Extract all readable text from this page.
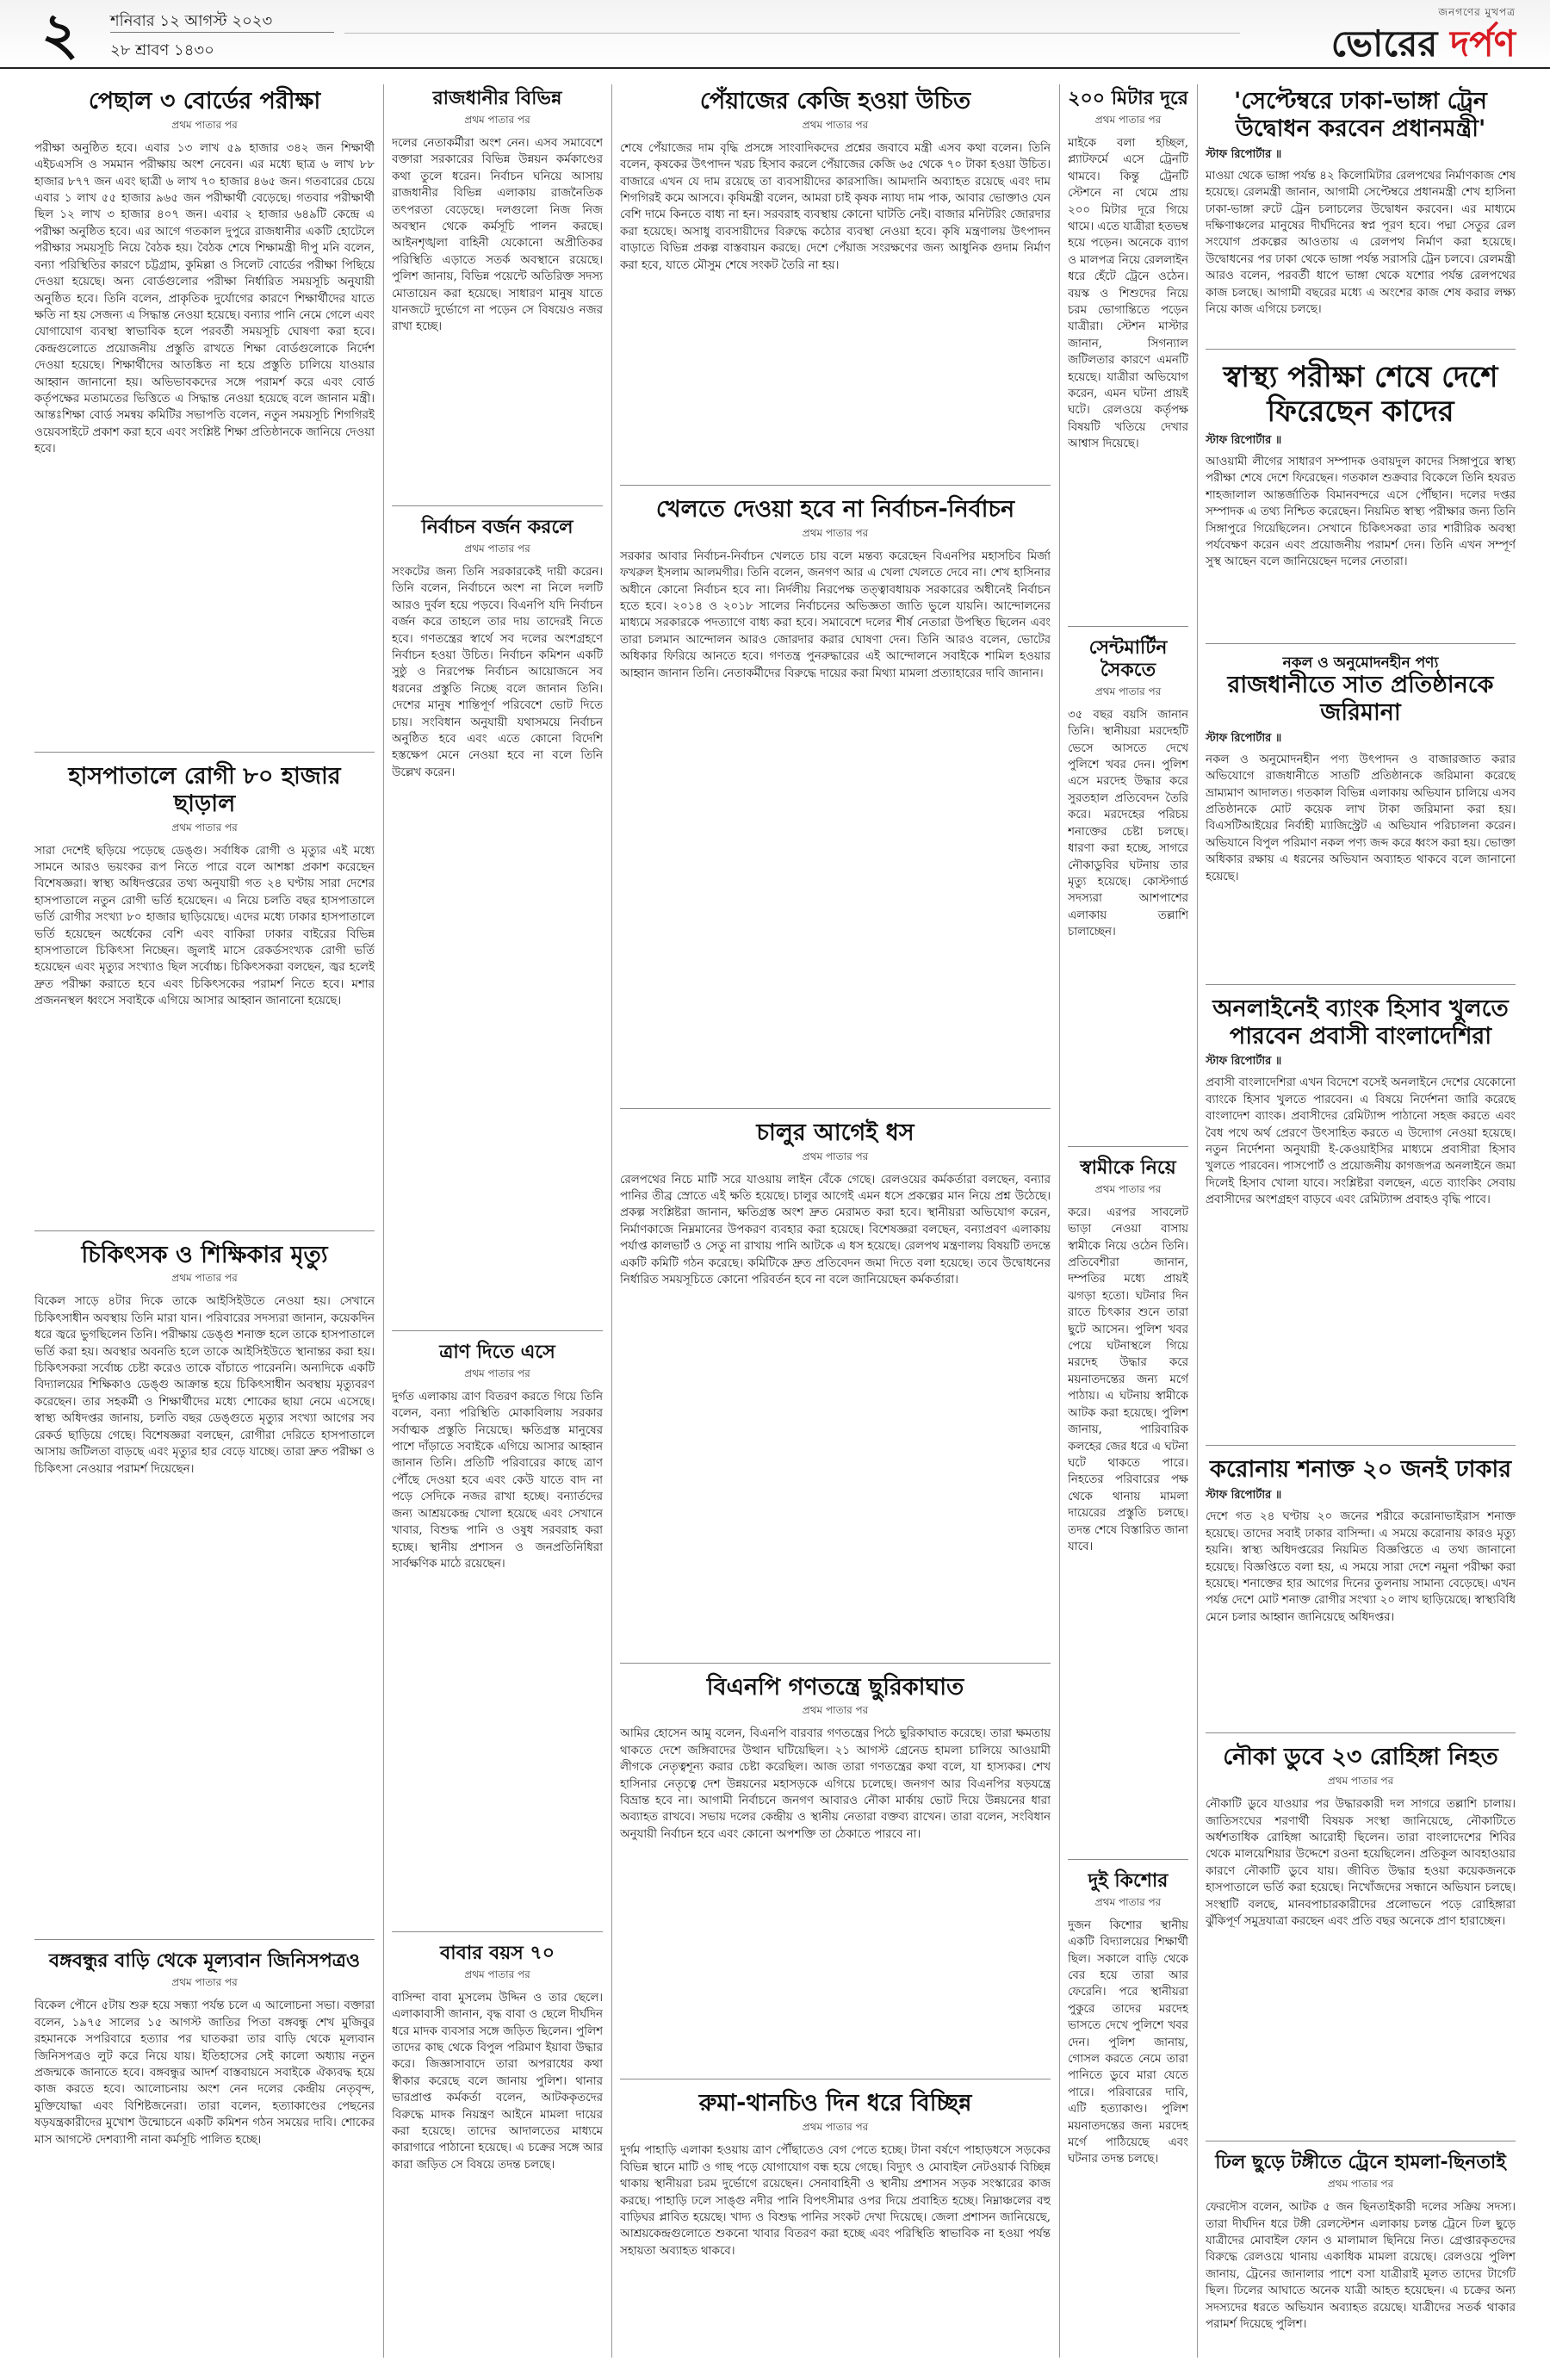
২ শনিবার ১২ আগস্ট ২০২৩
২৮ শ্রাবণ ১৪৩০
জনগণের মুখপত্র
ভোরের দর্পণ
পেছাল ৩ বোর্ডের পরীক্ষা
প্রথম পাতার পর
পরীক্ষা অনুষ্ঠিত হবে। এবার ১৩ লাখ ৫৯ হাজার ৩৪২ জন শিক্ষার্থী এইচএসসি ও সমমান পরীক্ষায় অংশ নেবেন। এর মধ্যে ছাত্র ৬ লাখ ৮৮ হাজার ৮৭৭ জন এবং ছাত্রী ৬ লাখ ৭০ হাজার ৪৬৫ জন। গতবারের চেয়ে এবার ১ লাখ ৫৫ হাজার ৯৬৫ জন পরীক্ষার্থী বেড়েছে। গতবার পরীক্ষার্থী ছিল ১২ লাখ ৩ হাজার ৪০৭ জন। এবার ২ হাজার ৬৪৯টি কেন্দ্রে এ পরীক্ষা অনুষ্ঠিত হবে। এর আগে গতকাল দুপুরে রাজধানীর একটি হোটেলে পরীক্ষার সময়সূচি নিয়ে বৈঠক হয়। বৈঠক শেষে শিক্ষামন্ত্রী দীপু মনি বলেন, বন্যা পরিস্থিতির কারণে চট্টগ্রাম, কুমিল্লা ও সিলেট বোর্ডের পরীক্ষা পিছিয়ে দেওয়া হয়েছে। অন্য বোর্ডগুলোর পরীক্ষা নির্ধারিত সময়সূচি অনুযায়ী অনুষ্ঠিত হবে। তিনি বলেন, প্রাকৃতিক দুর্যোগের কারণে শিক্ষার্থীদের যাতে ক্ষতি না হয় সেজন্য এ সিদ্ধান্ত নেওয়া হয়েছে। বন্যার পানি নেমে গেলে এবং যোগাযোগ ব্যবস্থা স্বাভাবিক হলে পরবর্তী সময়সূচি ঘোষণা করা হবে। কেন্দ্রগুলোতে প্রয়োজনীয় প্রস্তুতি রাখতে শিক্ষা বোর্ডগুলোকে নির্দেশ দেওয়া হয়েছে। শিক্ষার্থীদের আতঙ্কিত না হয়ে প্রস্তুতি চালিয়ে যাওয়ার আহ্বান জানানো হয়। অভিভাবকদের সঙ্গে পরামর্শ করে এবং বোর্ড কর্তৃপক্ষের মতামতের ভিত্তিতে এ সিদ্ধান্ত নেওয়া হয়েছে বলে জানান মন্ত্রী। আন্তঃশিক্ষা বোর্ড সমন্বয় কমিটির সভাপতি বলেন, নতুন সময়সূচি শিগগিরই ওয়েবসাইটে প্রকাশ করা হবে এবং সংশ্লিষ্ট শিক্ষা প্রতিষ্ঠানকে জানিয়ে দেওয়া হবে।
হাসপাতালে রোগী ৮০ হাজার ছাড়াল
প্রথম পাতার পর
সারা দেশেই ছড়িয়ে পড়েছে ডেঙ্গু। সর্বাধিক রোগী ও মৃত্যুর এই মধ্যে সামনে আরও ভয়ংকর রূপ নিতে পারে বলে আশঙ্কা প্রকাশ করেছেন বিশেষজ্ঞরা। স্বাস্থ্য অধিদপ্তরের তথ্য অনুযায়ী গত ২৪ ঘণ্টায় সারা দেশের হাসপাতালে নতুন রোগী ভর্তি হয়েছেন। এ নিয়ে চলতি বছর হাসপাতালে ভর্তি রোগীর সংখ্যা ৮০ হাজার ছাড়িয়েছে। এদের মধ্যে ঢাকার হাসপাতালে ভর্তি হয়েছেন অর্ধেকের বেশি এবং বাকিরা ঢাকার বাইরের বিভিন্ন হাসপাতালে চিকিৎসা নিচ্ছেন। জুলাই মাসে রেকর্ডসংখ্যক রোগী ভর্তি হয়েছেন এবং মৃত্যুর সংখ্যাও ছিল সর্বোচ্চ। চিকিৎসকরা বলছেন, জ্বর হলেই দ্রুত পরীক্ষা করাতে হবে এবং চিকিৎসকের পরামর্শ নিতে হবে। মশার প্রজননস্থল ধ্বংসে সবাইকে এগিয়ে আসার আহ্বান জানানো হয়েছে।
চিকিৎসক ও শিক্ষিকার মৃত্যু
প্রথম পাতার পর
বিকেল সাড়ে ৪টার দিকে তাকে আইসিইউতে নেওয়া হয়। সেখানে চিকিৎসাধীন অবস্থায় তিনি মারা যান। পরিবারের সদস্যরা জানান, কয়েকদিন ধরে জ্বরে ভুগছিলেন তিনি। পরীক্ষায় ডেঙ্গু শনাক্ত হলে তাকে হাসপাতালে ভর্তি করা হয়। অবস্থার অবনতি হলে তাকে আইসিইউতে স্থানান্তর করা হয়। চিকিৎসকরা সর্বোচ্চ চেষ্টা করেও তাকে বাঁচাতে পারেননি। অন্যদিকে একটি বিদ্যালয়ের শিক্ষিকাও ডেঙ্গু আক্রান্ত হয়ে চিকিৎসাধীন অবস্থায় মৃত্যুবরণ করেছেন। তার সহকর্মী ও শিক্ষার্থীদের মধ্যে শোকের ছায়া নেমে এসেছে। স্বাস্থ্য অধিদপ্তর জানায়, চলতি বছর ডেঙ্গুতে মৃত্যুর সংখ্যা আগের সব রেকর্ড ছাড়িয়ে গেছে। বিশেষজ্ঞরা বলছেন, রোগীরা দেরিতে হাসপাতালে আসায় জটিলতা বাড়ছে এবং মৃত্যুর হার বেড়ে যাচ্ছে। তারা দ্রুত পরীক্ষা ও চিকিৎসা নেওয়ার পরামর্শ দিয়েছেন।
বঙ্গবন্ধুর বাড়ি থেকে মূল্যবান জিনিসপত্রও
প্রথম পাতার পর
বিকেল পৌনে ৫টায় শুরু হয়ে সন্ধ্যা পর্যন্ত চলে এ আলোচনা সভা। বক্তারা বলেন, ১৯৭৫ সালের ১৫ আগস্ট জাতির পিতা বঙ্গবন্ধু শেখ মুজিবুর রহমানকে সপরিবারে হত্যার পর ঘাতকরা তার বাড়ি থেকে মূল্যবান জিনিসপত্রও লুট করে নিয়ে যায়। ইতিহাসের সেই কালো অধ্যায় নতুন প্রজন্মকে জানাতে হবে। বঙ্গবন্ধুর আদর্শ বাস্তবায়নে সবাইকে ঐক্যবদ্ধ হয়ে কাজ করতে হবে। আলোচনায় অংশ নেন দলের কেন্দ্রীয় নেতৃবৃন্দ, মুক্তিযোদ্ধা এবং বিশিষ্টজনেরা। তারা বলেন, হত্যাকাণ্ডের পেছনের ষড়যন্ত্রকারীদের মুখোশ উন্মোচনে একটি কমিশন গঠন সময়ের দাবি। শোকের মাস আগস্টে দেশব্যাপী নানা কর্মসূচি পালিত হচ্ছে।
রাজধানীর বিভিন্ন
প্রথম পাতার পর
দলের নেতাকর্মীরা অংশ নেন। এসব সমাবেশে বক্তারা সরকারের বিভিন্ন উন্নয়ন কর্মকাণ্ডের কথা তুলে ধরেন। নির্বাচন ঘনিয়ে আসায় রাজধানীর বিভিন্ন এলাকায় রাজনৈতিক তৎপরতা বেড়েছে। দলগুলো নিজ নিজ অবস্থান থেকে কর্মসূচি পালন করছে। আইনশৃঙ্খলা বাহিনী যেকোনো অপ্রীতিকর পরিস্থিতি এড়াতে সতর্ক অবস্থানে রয়েছে। পুলিশ জানায়, বিভিন্ন পয়েন্টে অতিরিক্ত সদস্য মোতায়েন করা হয়েছে। সাধারণ মানুষ যাতে যানজটে দুর্ভোগে না পড়েন সে বিষয়েও নজর রাখা হচ্ছে।
নির্বাচন বর্জন করলে
প্রথম পাতার পর
সংকটের জন্য তিনি সরকারকেই দায়ী করেন। তিনি বলেন, নির্বাচনে অংশ না নিলে দলটি আরও দুর্বল হয়ে পড়বে। বিএনপি যদি নির্বাচন বর্জন করে তাহলে তার দায় তাদেরই নিতে হবে। গণতন্ত্রের স্বার্থে সব দলের অংশগ্রহণে নির্বাচন হওয়া উচিত। নির্বাচন কমিশন একটি সুষ্ঠু ও নিরপেক্ষ নির্বাচন আয়োজনে সব ধরনের প্রস্তুতি নিচ্ছে বলে জানান তিনি। দেশের মানুষ শান্তিপূর্ণ পরিবেশে ভোট দিতে চায়। সংবিধান অনুযায়ী যথাসময়ে নির্বাচন অনুষ্ঠিত হবে এবং এতে কোনো বিদেশি হস্তক্ষেপ মেনে নেওয়া হবে না বলে তিনি উল্লেখ করেন।
ত্রাণ দিতে এসে
প্রথম পাতার পর
দুর্গত এলাকায় ত্রাণ বিতরণ করতে গিয়ে তিনি বলেন, বন্যা পরিস্থিতি মোকাবিলায় সরকার সর্বাত্মক প্রস্তুতি নিয়েছে। ক্ষতিগ্রস্ত মানুষের পাশে দাঁড়াতে সবাইকে এগিয়ে আসার আহ্বান জানান তিনি। প্রতিটি পরিবারের কাছে ত্রাণ পৌঁছে দেওয়া হবে এবং কেউ যাতে বাদ না পড়ে সেদিকে নজর রাখা হচ্ছে। বন্যার্তদের জন্য আশ্রয়কেন্দ্র খোলা হয়েছে এবং সেখানে খাবার, বিশুদ্ধ পানি ও ওষুধ সরবরাহ করা হচ্ছে। স্থানীয় প্রশাসন ও জনপ্রতিনিধিরা সার্বক্ষণিক মাঠে রয়েছেন।
বাবার বয়স ৭০
প্রথম পাতার পর
বাসিন্দা বাবা মুসলেম উদ্দিন ও তার ছেলে। এলাকাবাসী জানান, বৃদ্ধ বাবা ও ছেলে দীর্ঘদিন ধরে মাদক ব্যবসার সঙ্গে জড়িত ছিলেন। পুলিশ তাদের কাছ থেকে বিপুল পরিমাণ ইয়াবা উদ্ধার করে। জিজ্ঞাসাবাদে তারা অপরাধের কথা স্বীকার করেছে বলে জানায় পুলিশ। থানার ভারপ্রাপ্ত কর্মকর্তা বলেন, আটককৃতদের বিরুদ্ধে মাদক নিয়ন্ত্রণ আইনে মামলা দায়ের করা হয়েছে। তাদের আদালতের মাধ্যমে কারাগারে পাঠানো হয়েছে। এ চক্রের সঙ্গে আর কারা জড়িত সে বিষয়ে তদন্ত চলছে।
পেঁয়াজের কেজি হওয়া উচিত
প্রথম পাতার পর
শেষে পেঁয়াজের দাম বৃদ্ধি প্রসঙ্গে সাংবাদিকদের প্রশ্নের জবাবে মন্ত্রী এসব কথা বলেন। তিনি বলেন, কৃষকের উৎপাদন খরচ হিসাব করলে পেঁয়াজের কেজি ৬৫ থেকে ৭০ টাকা হওয়া উচিত। বাজারে এখন যে দাম রয়েছে তা ব্যবসায়ীদের কারসাজি। আমদানি অব্যাহত রয়েছে এবং দাম শিগগিরই কমে আসবে। কৃষিমন্ত্রী বলেন, আমরা চাই কৃষক ন্যায্য দাম পাক, আবার ভোক্তাও যেন বেশি দামে কিনতে বাধ্য না হন। সরবরাহ ব্যবস্থায় কোনো ঘাটতি নেই। বাজার মনিটরিং জোরদার করা হয়েছে। অসাধু ব্যবসায়ীদের বিরুদ্ধে কঠোর ব্যবস্থা নেওয়া হবে। কৃষি মন্ত্রণালয় উৎপাদন বাড়াতে বিভিন্ন প্রকল্প বাস্তবায়ন করছে। দেশে পেঁয়াজ সংরক্ষণের জন্য আধুনিক গুদাম নির্মাণ করা হবে, যাতে মৌসুম শেষে সংকট তৈরি না হয়।
খেলতে দেওয়া হবে না নির্বাচন-নির্বাচন
প্রথম পাতার পর
সরকার আবার নির্বাচন-নির্বাচন খেলতে চায় বলে মন্তব্য করেছেন বিএনপির মহাসচিব মির্জা ফখরুল ইসলাম আলমগীর। তিনি বলেন, জনগণ আর এ খেলা খেলতে দেবে না। শেখ হাসিনার অধীনে কোনো নির্বাচন হবে না। নির্দলীয় নিরপেক্ষ তত্ত্বাবধায়ক সরকারের অধীনেই নির্বাচন হতে হবে। ২০১৪ ও ২০১৮ সালের নির্বাচনের অভিজ্ঞতা জাতি ভুলে যায়নি। আন্দোলনের মাধ্যমে সরকারকে পদত্যাগে বাধ্য করা হবে। সমাবেশে দলের শীর্ষ নেতারা উপস্থিত ছিলেন এবং তারা চলমান আন্দোলন আরও জোরদার করার ঘোষণা দেন। তিনি আরও বলেন, ভোটের অধিকার ফিরিয়ে আনতে হবে। গণতন্ত্র পুনরুদ্ধারের এই আন্দোলনে সবাইকে শামিল হওয়ার আহ্বান জানান তিনি। নেতাকর্মীদের বিরুদ্ধে দায়ের করা মিথ্যা মামলা প্রত্যাহারের দাবি জানান।
চালুর আগেই ধস
প্রথম পাতার পর
রেলপথের নিচে মাটি সরে যাওয়ায় লাইন বেঁকে গেছে। রেলওয়ের কর্মকর্তারা বলছেন, বন্যার পানির তীব্র স্রোতে এই ক্ষতি হয়েছে। চালুর আগেই এমন ধসে প্রকল্পের মান নিয়ে প্রশ্ন উঠেছে। প্রকল্প সংশ্লিষ্টরা জানান, ক্ষতিগ্রস্ত অংশ দ্রুত মেরামত করা হবে। স্থানীয়রা অভিযোগ করেন, নির্মাণকাজে নিম্নমানের উপকরণ ব্যবহার করা হয়েছে। বিশেষজ্ঞরা বলছেন, বন্যাপ্রবণ এলাকায় পর্যাপ্ত কালভার্ট ও সেতু না রাখায় পানি আটকে এ ধস হয়েছে। রেলপথ মন্ত্রণালয় বিষয়টি তদন্তে একটি কমিটি গঠন করেছে। কমিটিকে দ্রুত প্রতিবেদন জমা দিতে বলা হয়েছে। তবে উদ্বোধনের নির্ধারিত সময়সূচিতে কোনো পরিবর্তন হবে না বলে জানিয়েছেন কর্মকর্তারা।
বিএনপি গণতন্ত্রে ছুরিকাঘাত
প্রথম পাতার পর
আমির হোসেন আমু বলেন, বিএনপি বারবার গণতন্ত্রের পিঠে ছুরিকাঘাত করেছে। তারা ক্ষমতায় থাকতে দেশে জঙ্গিবাদের উত্থান ঘটিয়েছিল। ২১ আগস্ট গ্রেনেড হামলা চালিয়ে আওয়ামী লীগকে নেতৃত্বশূন্য করার চেষ্টা করেছিল। আজ তারা গণতন্ত্রের কথা বলে, যা হাস্যকর। শেখ হাসিনার নেতৃত্বে দেশ উন্নয়নের মহাসড়কে এগিয়ে চলেছে। জনগণ আর বিএনপির ষড়যন্ত্রে বিভ্রান্ত হবে না। আগামী নির্বাচনে জনগণ আবারও নৌকা মার্কায় ভোট দিয়ে উন্নয়নের ধারা অব্যাহত রাখবে। সভায় দলের কেন্দ্রীয় ও স্থানীয় নেতারা বক্তব্য রাখেন। তারা বলেন, সংবিধান অনুযায়ী নির্বাচন হবে এবং কোনো অপশক্তি তা ঠেকাতে পারবে না।
রুমা-থানচিও দিন ধরে বিচ্ছিন্ন
প্রথম পাতার পর
দুর্গম পাহাড়ি এলাকা হওয়ায় ত্রাণ পৌঁছাতেও বেগ পেতে হচ্ছে। টানা বর্ষণে পাহাড়ধসে সড়কের বিভিন্ন স্থানে মাটি ও গাছ পড়ে যোগাযোগ বন্ধ হয়ে গেছে। বিদ্যুৎ ও মোবাইল নেটওয়ার্ক বিচ্ছিন্ন থাকায় স্থানীয়রা চরম দুর্ভোগে রয়েছেন। সেনাবাহিনী ও স্থানীয় প্রশাসন সড়ক সংস্কারের কাজ করছে। পাহাড়ি ঢলে সাঙ্গু নদীর পানি বিপৎসীমার ওপর দিয়ে প্রবাহিত হচ্ছে। নিম্নাঞ্চলের বহু বাড়িঘর প্লাবিত হয়েছে। খাদ্য ও বিশুদ্ধ পানির সংকট দেখা দিয়েছে। জেলা প্রশাসন জানিয়েছে, আশ্রয়কেন্দ্রগুলোতে শুকনো খাবার বিতরণ করা হচ্ছে এবং পরিস্থিতি স্বাভাবিক না হওয়া পর্যন্ত সহায়তা অব্যাহত থাকবে।
২০০ মিটার দূরে
প্রথম পাতার পর
মাইকে বলা হচ্ছিল, প্ল্যাটফর্মে এসে ট্রেনটি থামবে। কিন্তু ট্রেনটি স্টেশনে না থেমে প্রায় ২০০ মিটার দূরে গিয়ে থামে। এতে যাত্রীরা হতভম্ব হয়ে পড়েন। অনেকে ব্যাগ ও মালপত্র নিয়ে রেললাইন ধরে হেঁটে ট্রেনে ওঠেন। বয়স্ক ও শিশুদের নিয়ে চরম ভোগান্তিতে পড়েন যাত্রীরা। স্টেশন মাস্টার জানান, সিগন্যাল জটিলতার কারণে এমনটি হয়েছে। যাত্রীরা অভিযোগ করেন, এমন ঘটনা প্রায়ই ঘটে। রেলওয়ে কর্তৃপক্ষ বিষয়টি খতিয়ে দেখার আশ্বাস দিয়েছে।
সেন্টমার্টিন সৈকতে
প্রথম পাতার পর
৩৫ বছর বয়সি জানান তিনি। স্থানীয়রা মরদেহটি ভেসে আসতে দেখে পুলিশে খবর দেন। পুলিশ এসে মরদেহ উদ্ধার করে সুরতহাল প্রতিবেদন তৈরি করে। মরদেহের পরিচয় শনাক্তের চেষ্টা চলছে। ধারণা করা হচ্ছে, সাগরে নৌকাডুবির ঘটনায় তার মৃত্যু হয়েছে। কোস্টগার্ড সদস্যরা আশপাশের এলাকায় তল্লাশি চালাচ্ছেন।
স্বামীকে নিয়ে
প্রথম পাতার পর
করে। এরপর সাবলেট ভাড়া নেওয়া বাসায় স্বামীকে নিয়ে ওঠেন তিনি। প্রতিবেশীরা জানান, দম্পতির মধ্যে প্রায়ই ঝগড়া হতো। ঘটনার দিন রাতে চিৎকার শুনে তারা ছুটে আসেন। পুলিশ খবর পেয়ে ঘটনাস্থলে গিয়ে মরদেহ উদ্ধার করে ময়নাতদন্তের জন্য মর্গে পাঠায়। এ ঘটনায় স্বামীকে আটক করা হয়েছে। পুলিশ জানায়, পারিবারিক কলহের জের ধরে এ ঘটনা ঘটে থাকতে পারে। নিহতের পরিবারের পক্ষ থেকে থানায় মামলা দায়েরের প্রস্তুতি চলছে। তদন্ত শেষে বিস্তারিত জানা যাবে।
দুই কিশোর
প্রথম পাতার পর
দুজন কিশোর স্থানীয় একটি বিদ্যালয়ের শিক্ষার্থী ছিল। সকালে বাড়ি থেকে বের হয়ে তারা আর ফেরেনি। পরে স্থানীয়রা পুকুরে তাদের মরদেহ ভাসতে দেখে পুলিশে খবর দেন। পুলিশ জানায়, গোসল করতে নেমে তারা পানিতে ডুবে মারা যেতে পারে। পরিবারের দাবি, এটি হত্যাকাণ্ড। পুলিশ ময়নাতদন্তের জন্য মরদেহ মর্গে পাঠিয়েছে এবং ঘটনার তদন্ত চলছে।
'সেপ্টেম্বরে ঢাকা-ভাঙ্গা ট্রেন উদ্বোধন করবেন প্রধানমন্ত্রী'
স্টাফ রিপোর্টার ॥
মাওয়া থেকে ভাঙ্গা পর্যন্ত ৪২ কিলোমিটার রেলপথের নির্মাণকাজ শেষ হয়েছে। রেলমন্ত্রী জানান, আগামী সেপ্টেম্বরে প্রধানমন্ত্রী শেখ হাসিনা ঢাকা-ভাঙ্গা রুটে ট্রেন চলাচলের উদ্বোধন করবেন। এর মাধ্যমে দক্ষিণাঞ্চলের মানুষের দীর্ঘদিনের স্বপ্ন পূরণ হবে। পদ্মা সেতুর রেল সংযোগ প্রকল্পের আওতায় এ রেলপথ নির্মাণ করা হয়েছে। উদ্বোধনের পর ঢাকা থেকে ভাঙ্গা পর্যন্ত সরাসরি ট্রেন চলবে। রেলমন্ত্রী আরও বলেন, পরবর্তী ধাপে ভাঙ্গা থেকে যশোর পর্যন্ত রেলপথের কাজ চলছে। আগামী বছরের মধ্যে এ অংশের কাজ শেষ করার লক্ষ্য নিয়ে কাজ এগিয়ে চলছে।
স্বাস্থ্য পরীক্ষা শেষে দেশে ফিরেছেন কাদের
স্টাফ রিপোর্টার ॥
আওয়ামী লীগের সাধারণ সম্পাদক ওবায়দুল কাদের সিঙ্গাপুরে স্বাস্থ্য পরীক্ষা শেষে দেশে ফিরেছেন। গতকাল শুক্রবার বিকেলে তিনি হযরত শাহজালাল আন্তর্জাতিক বিমানবন্দরে এসে পৌঁছান। দলের দপ্তর সম্পাদক এ তথ্য নিশ্চিত করেছেন। নিয়মিত স্বাস্থ্য পরীক্ষার জন্য তিনি সিঙ্গাপুরে গিয়েছিলেন। সেখানে চিকিৎসকরা তার শারীরিক অবস্থা পর্যবেক্ষণ করেন এবং প্রয়োজনীয় পরামর্শ দেন। তিনি এখন সম্পূর্ণ সুস্থ আছেন বলে জানিয়েছেন দলের নেতারা।
নকল ও অনুমোদনহীন পণ্য
রাজধানীতে সাত প্রতিষ্ঠানকে জরিমানা
স্টাফ রিপোর্টার ॥
নকল ও অনুমোদনহীন পণ্য উৎপাদন ও বাজারজাত করার অভিযোগে রাজধানীতে সাতটি প্রতিষ্ঠানকে জরিমানা করেছে ভ্রাম্যমাণ আদালত। গতকাল বিভিন্ন এলাকায় অভিযান চালিয়ে এসব প্রতিষ্ঠানকে মোট কয়েক লাখ টাকা জরিমানা করা হয়। বিএসটিআইয়ের নির্বাহী ম্যাজিস্ট্রেট এ অভিযান পরিচালনা করেন। অভিযানে বিপুল পরিমাণ নকল পণ্য জব্দ করে ধ্বংস করা হয়। ভোক্তা অধিকার রক্ষায় এ ধরনের অভিযান অব্যাহত থাকবে বলে জানানো হয়েছে।
অনলাইনেই ব্যাংক হিসাব খুলতে পারবেন প্রবাসী বাংলাদেশিরা
স্টাফ রিপোর্টার ॥
প্রবাসী বাংলাদেশিরা এখন বিদেশে বসেই অনলাইনে দেশের যেকোনো ব্যাংকে হিসাব খুলতে পারবেন। এ বিষয়ে নির্দেশনা জারি করেছে বাংলাদেশ ব্যাংক। প্রবাসীদের রেমিট্যান্স পাঠানো সহজ করতে এবং বৈধ পথে অর্থ প্রেরণে উৎসাহিত করতে এ উদ্যোগ নেওয়া হয়েছে। নতুন নির্দেশনা অনুযায়ী ই-কেওয়াইসির মাধ্যমে প্রবাসীরা হিসাব খুলতে পারবেন। পাসপোর্ট ও প্রয়োজনীয় কাগজপত্র অনলাইনে জমা দিলেই হিসাব খোলা যাবে। সংশ্লিষ্টরা বলছেন, এতে ব্যাংকিং সেবায় প্রবাসীদের অংশগ্রহণ বাড়বে এবং রেমিট্যান্স প্রবাহও বৃদ্ধি পাবে।
করোনায় শনাক্ত ২০ জনই ঢাকার
স্টাফ রিপোর্টার ॥
দেশে গত ২৪ ঘণ্টায় ২০ জনের শরীরে করোনাভাইরাস শনাক্ত হয়েছে। তাদের সবাই ঢাকার বাসিন্দা। এ সময়ে করোনায় কারও মৃত্যু হয়নি। স্বাস্থ্য অধিদপ্তরের নিয়মিত বিজ্ঞপ্তিতে এ তথ্য জানানো হয়েছে। বিজ্ঞপ্তিতে বলা হয়, এ সময়ে সারা দেশে নমুনা পরীক্ষা করা হয়েছে। শনাক্তের হার আগের দিনের তুলনায় সামান্য বেড়েছে। এখন পর্যন্ত দেশে মোট শনাক্ত রোগীর সংখ্যা ২০ লাখ ছাড়িয়েছে। স্বাস্থ্যবিধি মেনে চলার আহ্বান জানিয়েছে অধিদপ্তর।
নৌকা ডুবে ২৩ রোহিঙ্গা নিহত
প্রথম পাতার পর
নৌকাটি ডুবে যাওয়ার পর উদ্ধারকারী দল সাগরে তল্লাশি চালায়। জাতিসংঘের শরণার্থী বিষয়ক সংস্থা জানিয়েছে, নৌকাটিতে অর্ধশতাধিক রোহিঙ্গা আরোহী ছিলেন। তারা বাংলাদেশের শিবির থেকে মালয়েশিয়ার উদ্দেশে রওনা হয়েছিলেন। প্রতিকূল আবহাওয়ার কারণে নৌকাটি ডুবে যায়। জীবিত উদ্ধার হওয়া কয়েকজনকে হাসপাতালে ভর্তি করা হয়েছে। নিখোঁজদের সন্ধানে অভিযান চলছে। সংস্থাটি বলছে, মানবপাচারকারীদের প্রলোভনে পড়ে রোহিঙ্গারা ঝুঁকিপূর্ণ সমুদ্রযাত্রা করছেন এবং প্রতি বছর অনেকে প্রাণ হারাচ্ছেন।
ঢিল ছুড়ে টঙ্গীতে ট্রেনে হামলা-ছিনতাই
প্রথম পাতার পর
ফেরদৌস বলেন, আটক ৫ জন ছিনতাইকারী দলের সক্রিয় সদস্য। তারা দীর্ঘদিন ধরে টঙ্গী রেলস্টেশন এলাকায় চলন্ত ট্রেনে ঢিল ছুড়ে যাত্রীদের মোবাইল ফোন ও মালামাল ছিনিয়ে নিত। গ্রেপ্তারকৃতদের বিরুদ্ধে রেলওয়ে থানায় একাধিক মামলা রয়েছে। রেলওয়ে পুলিশ জানায়, ট্রেনের জানালার পাশে বসা যাত্রীরাই মূলত তাদের টার্গেট ছিল। ঢিলের আঘাতে অনেক যাত্রী আহত হয়েছেন। এ চক্রের অন্য সদস্যদের ধরতে অভিযান অব্যাহত রয়েছে। যাত্রীদের সতর্ক থাকার পরামর্শ দিয়েছে পুলিশ।
